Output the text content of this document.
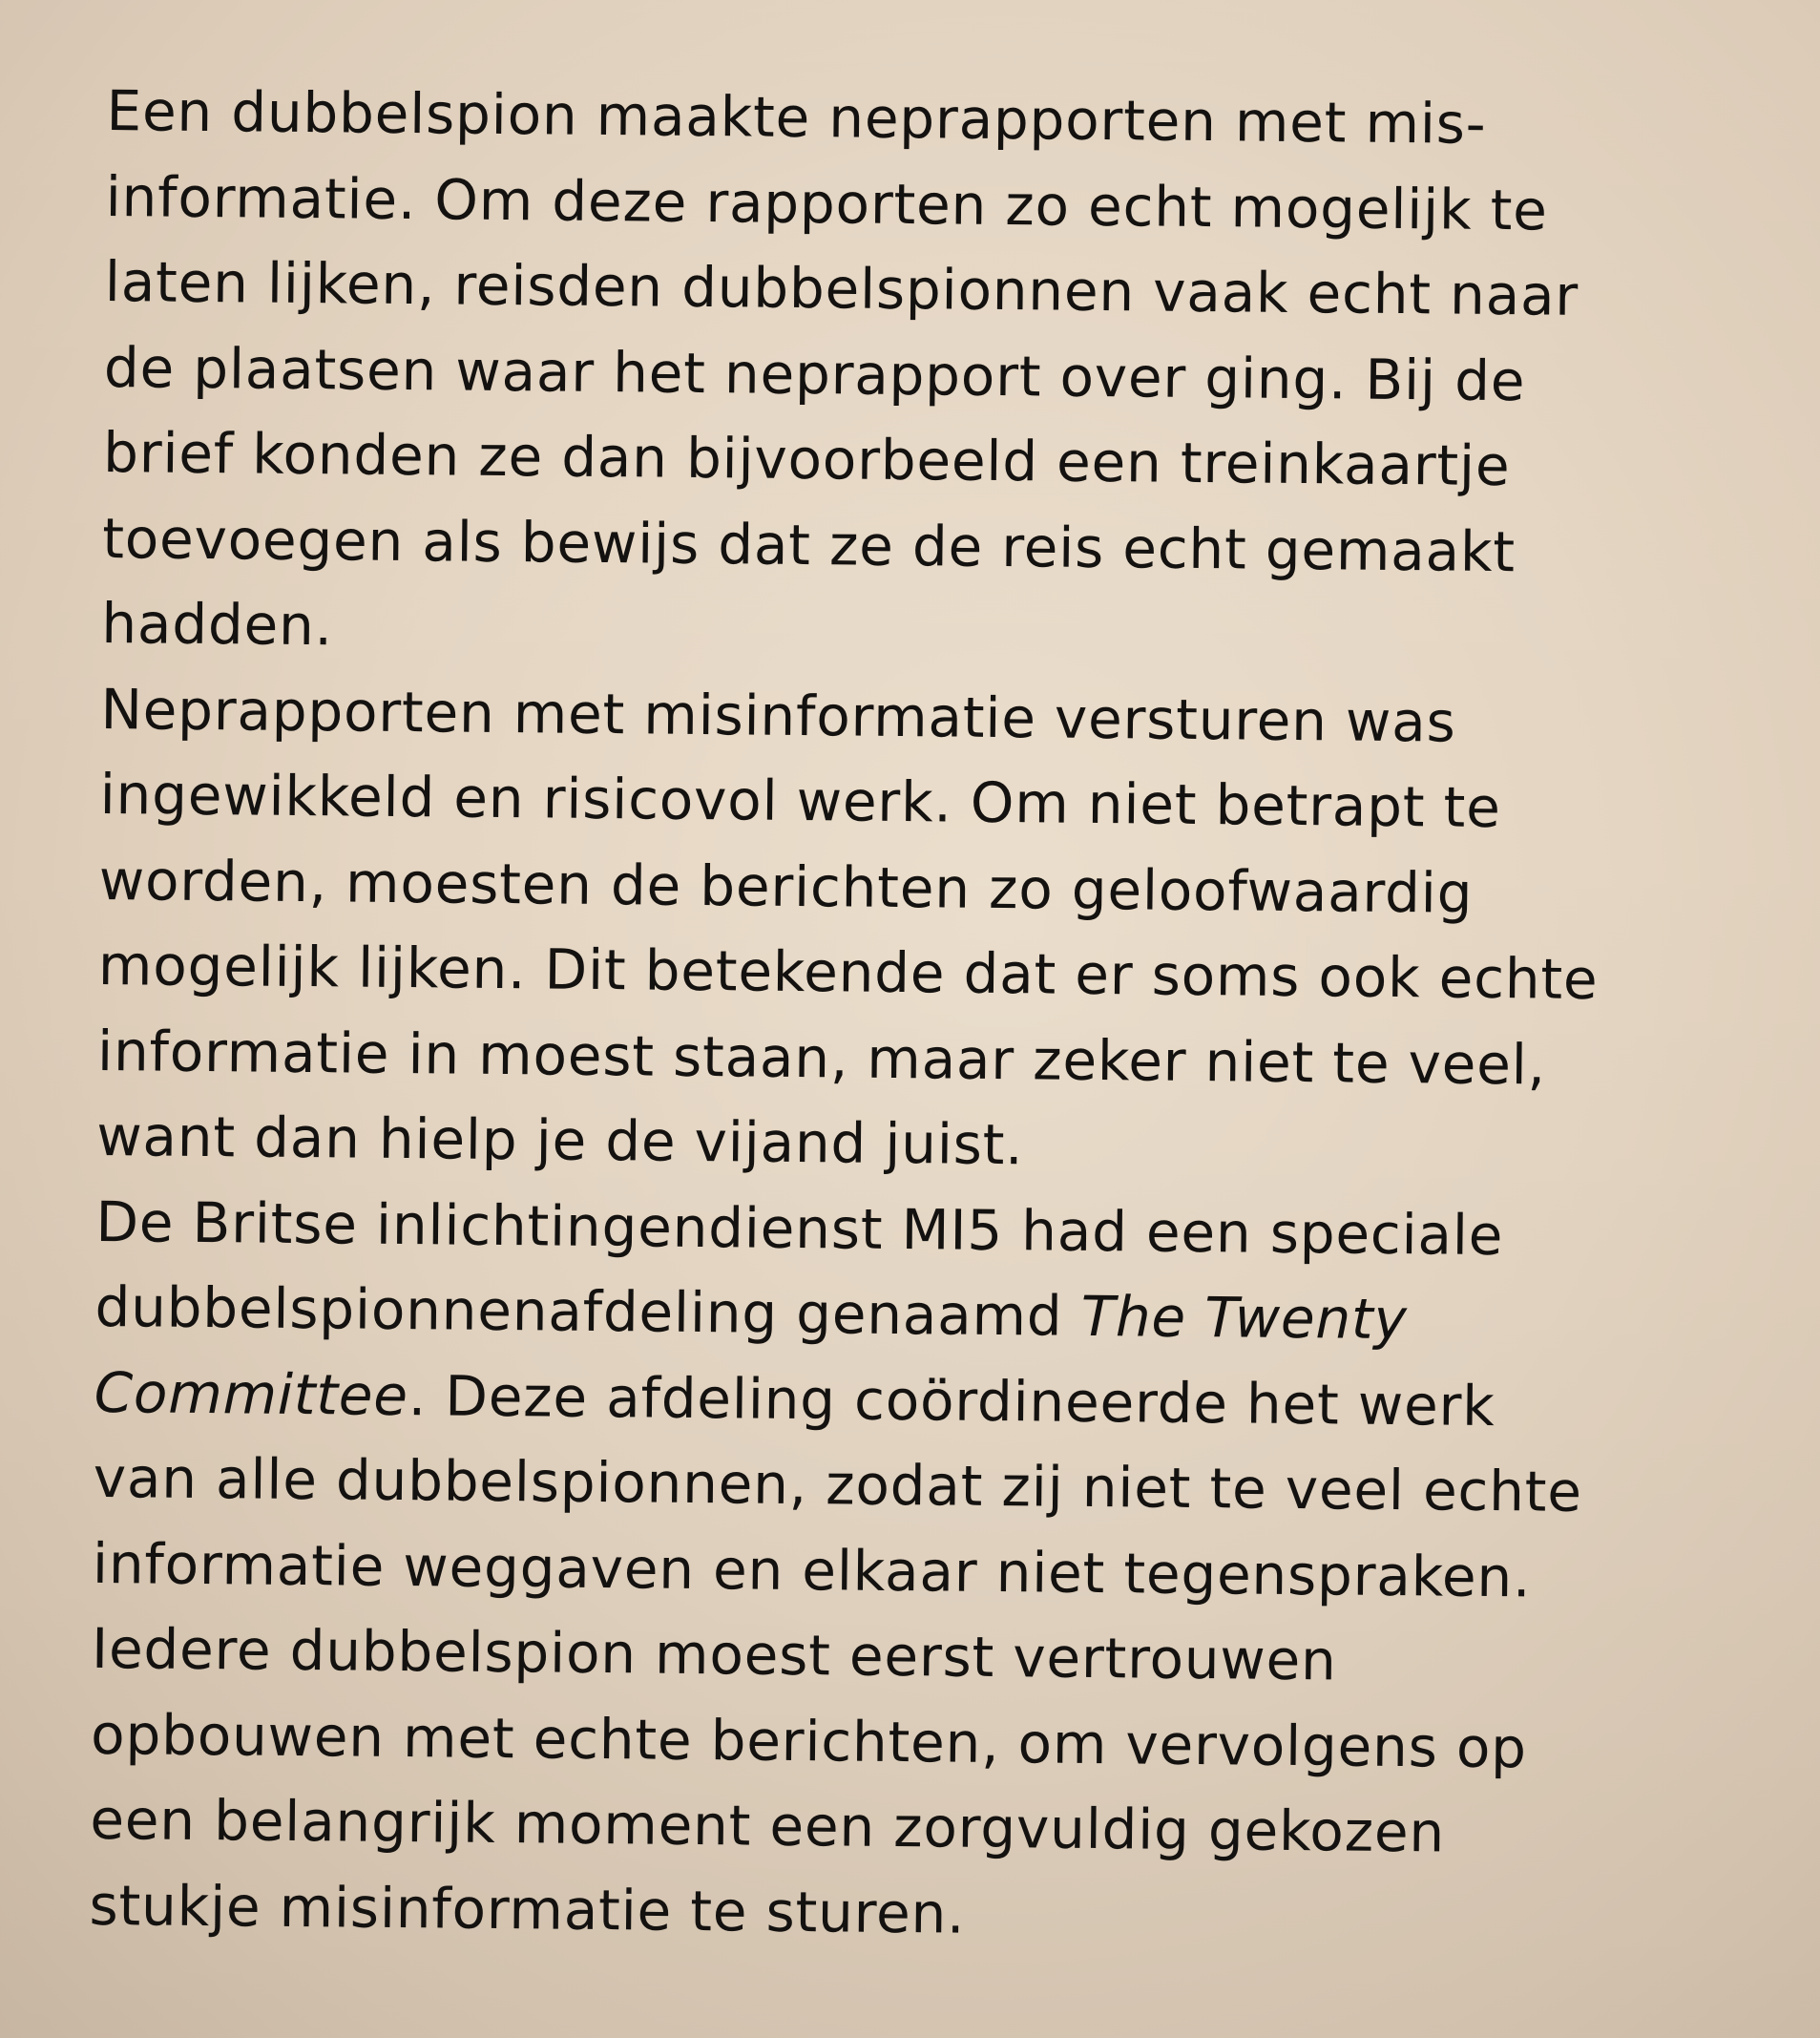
Een dubbelspion maakte neprapporten met mis-
informatie. Om deze rapporten zo echt mogelijk te
laten lijken, reisden dubbelspionnen vaak echt naar
de plaatsen waar het neprapport over ging. Bij de
brief konden ze dan bijvoorbeeld een treinkaartje
toevoegen als bewijs dat ze de reis echt gemaakt
hadden.
Neprapporten met misinformatie versturen was
ingewikkeld en risicovol werk. Om niet betrapt te
worden, moesten de berichten zo geloofwaardig
mogelijk lijken. Dit betekende dat er soms ook echte
informatie in moest staan, maar zeker niet te veel,
want dan hielp je de vijand juist.
De Britse inlichtingendienst MI5 had een speciale
dubbelspionnenafdeling genaamd The Twenty
Committee. Deze afdeling coördineerde het werk
van alle dubbelspionnen, zodat zij niet te veel echte
informatie weggaven en elkaar niet tegenspraken.
Iedere dubbelspion moest eerst vertrouwen
opbouwen met echte berichten, om vervolgens op
een belangrijk moment een zorgvuldig gekozen
stukje misinformatie te sturen.
